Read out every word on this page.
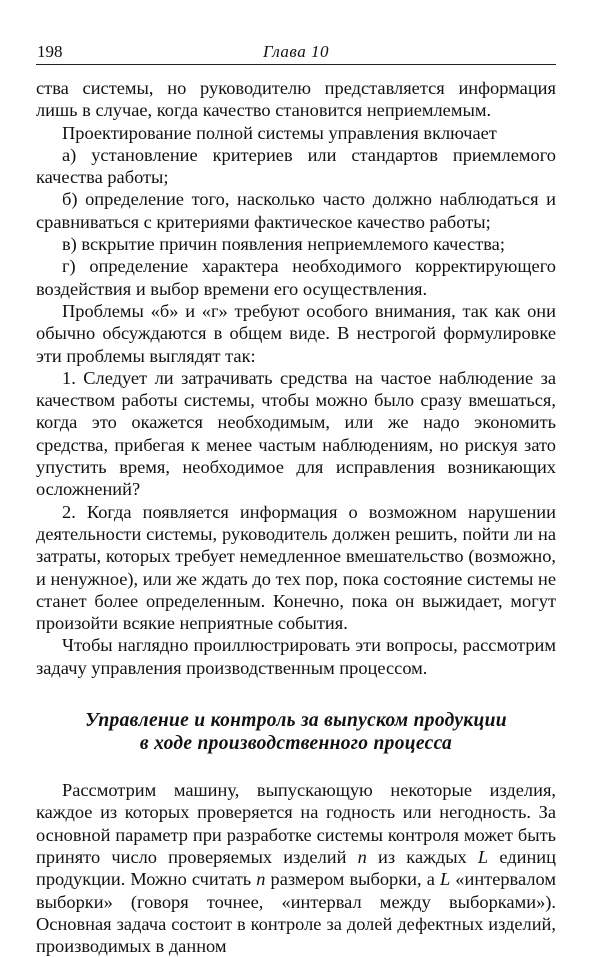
198	Глава 10

ства системы, но руководителю представляется информация лишь в случае, когда качество становится неприемлемым.

Проектирование полной системы управления включает

а) установление критериев или стандартов приемлемого качества работы;

б) определение того, насколько часто должно наблюдаться и сравниваться с критериями фактическое качество работы;

в) вскрытие причин появления неприемлемого качества;

г) определение характера необходимого корректирующего воздействия и выбор времени его осуществления.

Проблемы «б» и «г» требуют особого внимания, так как они обычно обсуждаются в общем виде. В нестрогой формулировке эти проблемы выглядят так:

1. Следует ли затрачивать средства на частое наблюдение за качеством работы системы, чтобы можно было сразу вмешаться, когда это окажется необходимым, или же надо экономить средства, прибегая к менее частым наблюдениям, но рискуя зато упустить время, необходимое для исправления возникающих осложнений?

2. Когда появляется информация о возможном нарушении деятельности системы, руководитель должен решить, пойти ли на затраты, которых требует немедленное вмешательство (возможно, и ненужное), или же ждать до тех пор, пока состояние системы не станет более определенным. Конечно, пока он выжидает, могут произойти всякие неприятные события.

Чтобы наглядно проиллюстрировать эти вопросы, рассмотрим задачу управления производственным процессом.

Управление и контроль за выпуском продукции
в ходе производственного процесса

Рассмотрим машину, выпускающую некоторые изделия, каждое из которых проверяется на годность или негодность. За основной параметр при разработке системы контроля может быть принято число проверяемых изделий n из каждых L единиц продукции. Можно считать n размером выборки, а L «интервалом выборки» (говоря точнее, «интервал между выборками»). Основная задача состоит в контроле за долей дефектных изделий, производимых в данном
